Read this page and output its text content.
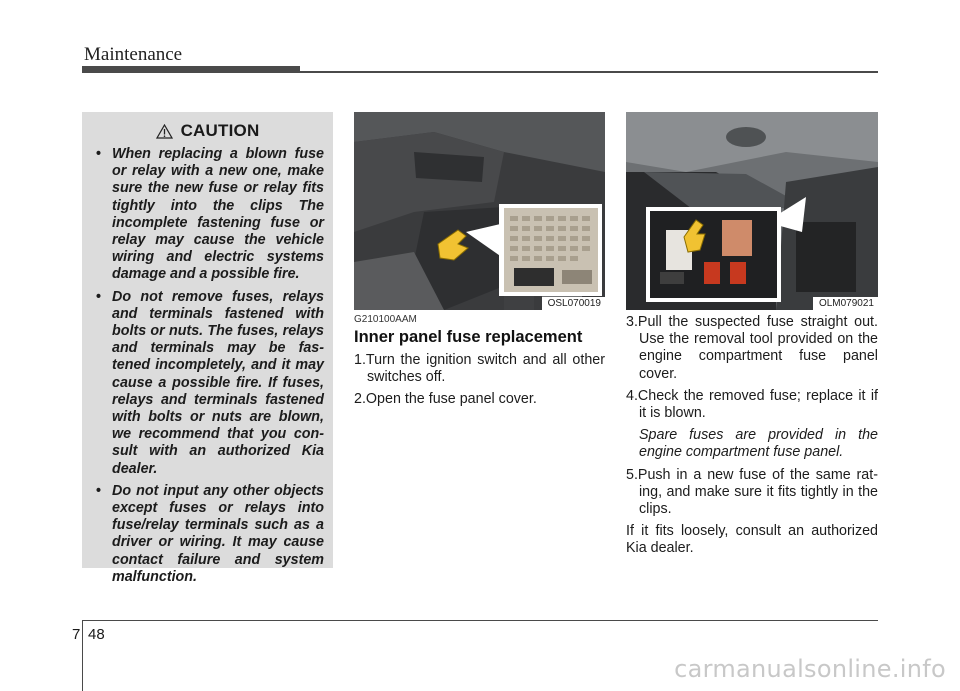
Maintenance
CAUTION
• When replacing a blown fuse or relay with a new one, make sure the new fuse or relay fits tightly into the clips The incomplete fastening fuse or relay may cause the vehicle wiring and electric systems damage and a possible fire.
• Do not remove fuses, relays and terminals fastened with bolts or nuts. The fuses, relays and terminals may be fas-tened incompletely, and it may cause a possible fire. If fuses, relays and terminals fastened with bolts or nuts are blown, we recommend that you con-sult with an authorized Kia dealer.
• Do not input any other objects except fuses or relays into fuse/relay terminals such as a driver or wiring. It may cause contact failure and system malfunction.
OSL070019	OLM079021
G210100AAM
Inner panel fuse replacement
1.Turn the ignition switch and all other switches off.
2.Open the fuse panel cover.
3.Pull the suspected fuse straight out. Use the removal tool provided on the engine compartment fuse panel cover.
4.Check the removed fuse; replace it if it is blown.
Spare fuses are provided in the engine compartment fuse panel.
5.Push in a new fuse of the same rat-ing, and make sure it fits tightly in the clips.
If it fits loosely, consult an authorized Kia dealer.
7 48
carmanualsonline.info
